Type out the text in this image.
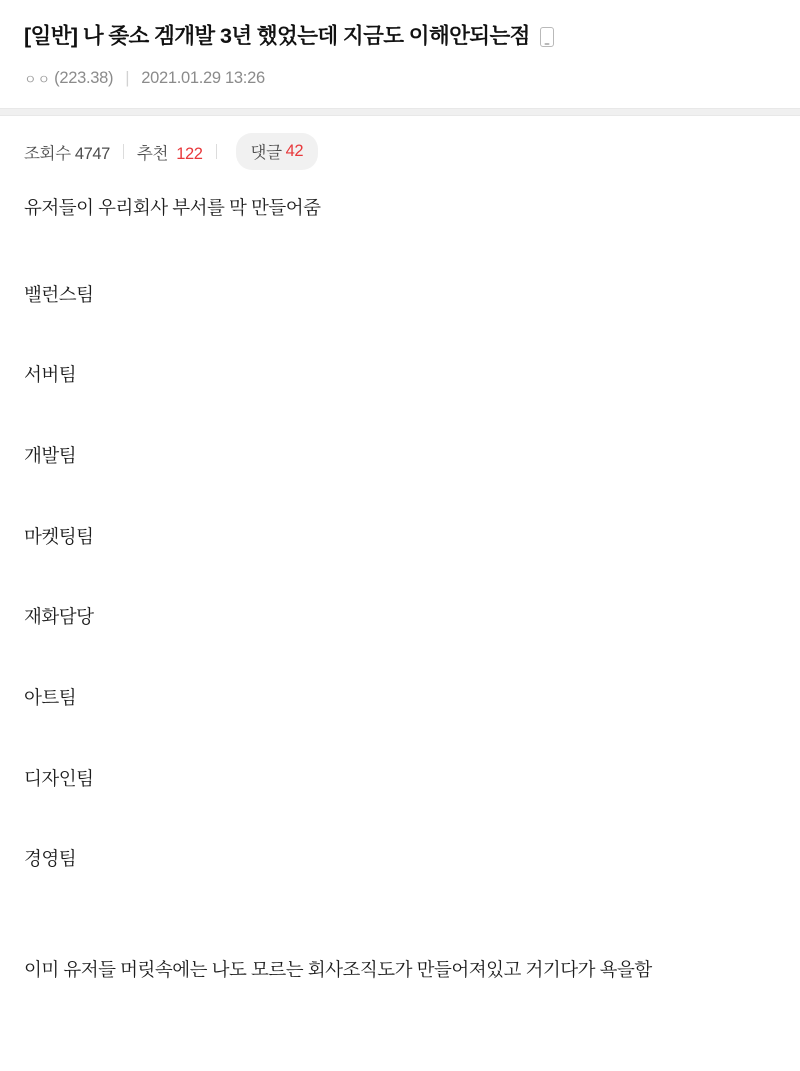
[일반] 나 좆소 겜개발 3년 했었는데 지금도 이해안되는점
ㅇㅇ (223.38) | 2021.01.29 13:26
조회수 4747 추천 122	댓글 42

유저들이 우리회사 부서를 막 만들어줌

밸런스팀

서버팀

개발팀

마켓팅팀

재화담당

아트팀

디자인팀

경영팀

이미 유저들 머릿속에는 나도 모르는 회사조직도가 만들어져있고 거기다가 욕을함
